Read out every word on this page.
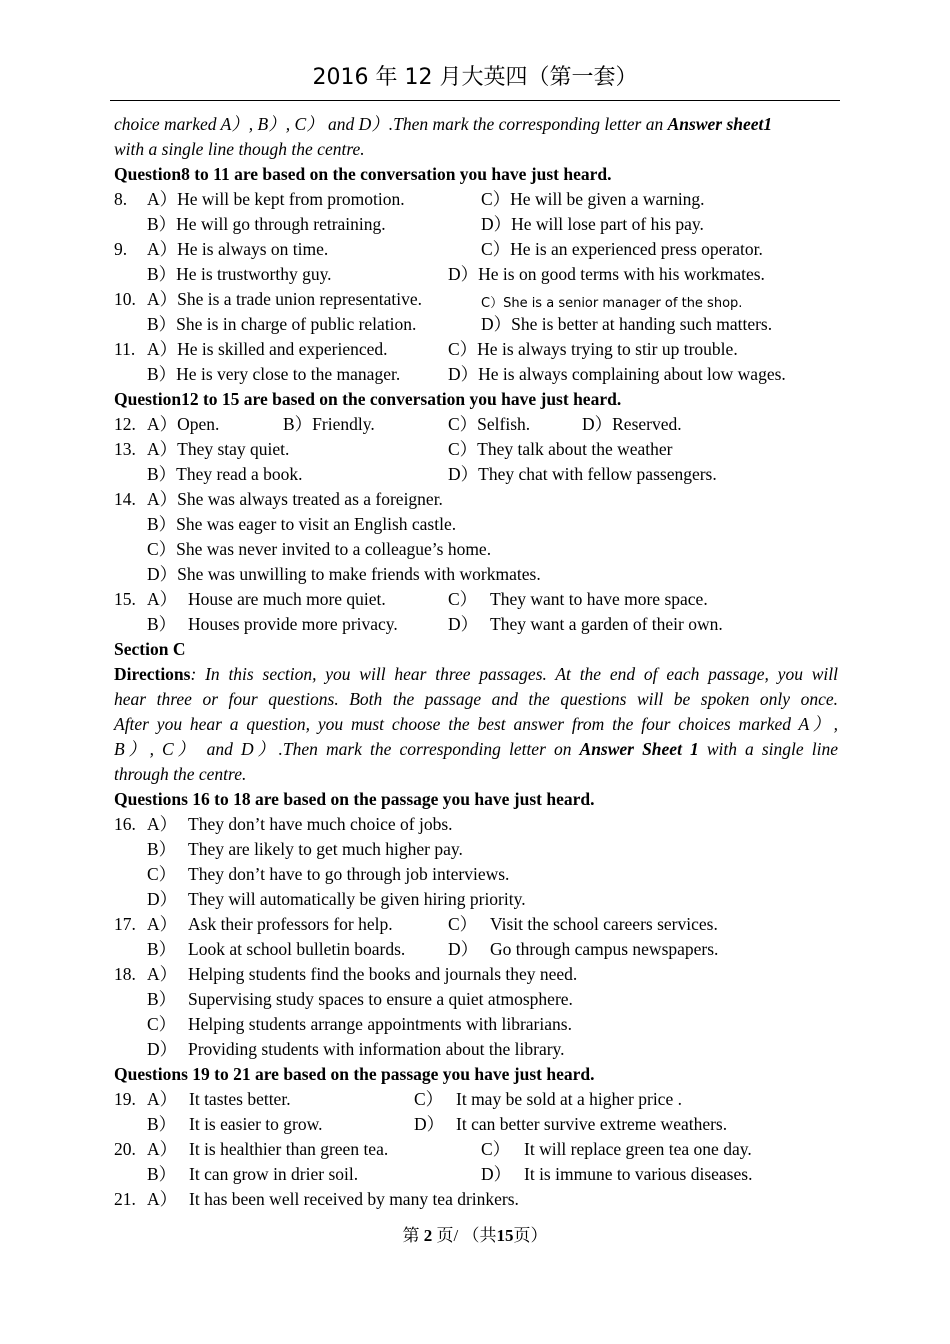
2016 年 12 月大英四（第一套）
choice marked A）, B）, C） and D）.Then mark the corresponding letter an Answer sheet1
with a single line though the centre.
Question8 to 11 are based on the conversation you have just heard.
8. A）He will be kept from promotion.	C）He will be given a warning.
B）He will go through retraining.	D）He will lose part of his pay.
9. A）He is always on time.	C）He is an experienced press operator.
B）He is trustworthy guy.	D）He is on good terms with his workmates.
10. A）She is a trade union representative.	C）She is a senior manager of the shop.
B）She is in charge of public relation.	D）She is better at handing such matters.
11. A）He is skilled and experienced.	C）He is always trying to stir up trouble.
B）He is very close to the manager.	D）He is always complaining about low wages.
Question12 to 15 are based on the conversation you have just heard.
12. A）Open.	B）Friendly.	C）Selfish.	D）Reserved.
13. A）They stay quiet.	C）They talk about the weather
B）They read a book.	D）They chat with fellow passengers.
14. A）She was always treated as a foreigner.
B）She was eager to visit an English castle.
C）She was never invited to a colleague’s home.
D）She was unwilling to make friends with workmates.
15. A） House are much more quiet.	C） They want to have more space.
B） Houses provide more privacy.	D） They want a garden of their own.
Section C
Directions: In this section, you will hear three passages. At the end of each passage, you will
hear three or four questions. Both the passage and the questions will be spoken only once.
After you hear a question, you must choose the best answer from the four choices marked A）,
B）, C） and D）.Then mark the corresponding letter on Answer Sheet 1 with a single line
through the centre.
Questions 16 to 18 are based on the passage you have just heard.
16. A） They don’t have much choice of jobs.
B） They are likely to get much higher pay.
C） They don’t have to go through job interviews.
D） They will automatically be given hiring priority.
17. A） Ask their professors for help.	C） Visit the school careers services.
B） Look at school bulletin boards. D） Go through campus newspapers.
18. A） Helping students find the books and journals they need.
B） Supervising study spaces to ensure a quiet atmosphere.
C） Helping students arrange appointments with librarians.
D） Providing students with information about the library.
Questions 19 to 21 are based on the passage you have just heard.
19. A） It tastes better.	C） It may be sold at a higher price .
B） It is easier to grow.	D） It can better survive extreme weathers.
20. A） It is healthier than green tea.	C） It will replace green tea one day.
B） It can grow in drier soil.	D） It is immune to various diseases.
21. A） It has been well received by many tea drinkers.
第 2 页/ （共15页）
